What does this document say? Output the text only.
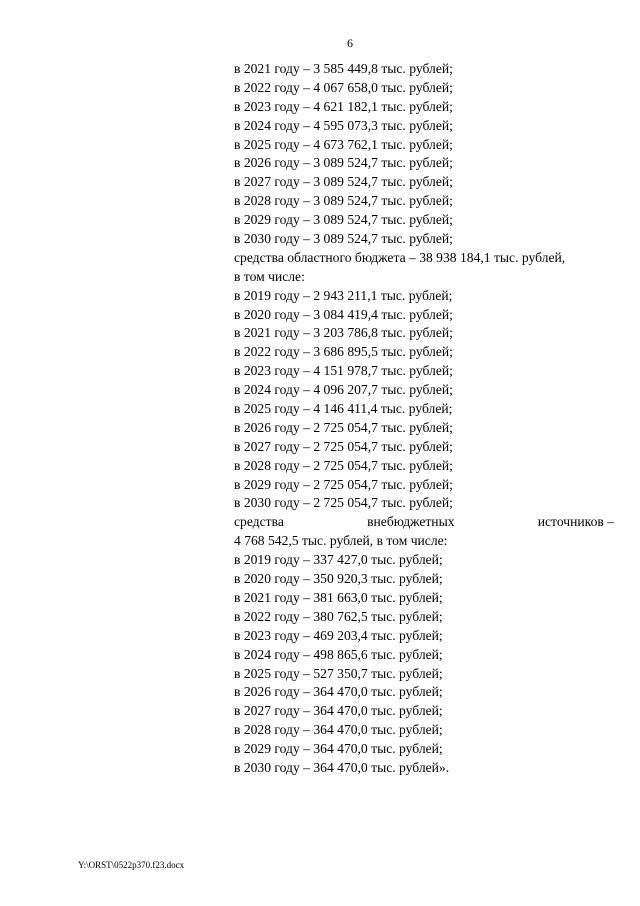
6
в 2021 году – 3 585 449,8 тыс. рублей;
в 2022 году – 4 067 658,0 тыс. рублей;
в 2023 году – 4 621 182,1 тыс. рублей;
в 2024 году – 4 595 073,3 тыс. рублей;
в 2025 году – 4 673 762,1 тыс. рублей;
в 2026 году – 3 089 524,7 тыс. рублей;
в 2027 году – 3 089 524,7 тыс. рублей;
в 2028 году – 3 089 524,7 тыс. рублей;
в 2029 году – 3 089 524,7 тыс. рублей;
в 2030 году – 3 089 524,7 тыс. рублей;
средства областного бюджета – 38 938 184,1 тыс. рублей,
в том числе:
в 2019 году – 2 943 211,1 тыс. рублей;
в 2020 году – 3 084 419,4 тыс. рублей;
в 2021 году – 3 203 786,8 тыс. рублей;
в 2022 году – 3 686 895,5 тыс. рублей;
в 2023 году – 4 151 978,7 тыс. рублей;
в 2024 году – 4 096 207,7 тыс. рублей;
в 2025 году – 4 146 411,4 тыс. рублей;
в 2026 году – 2 725 054,7 тыс. рублей;
в 2027 году – 2 725 054,7 тыс. рублей;
в 2028 году – 2 725 054,7 тыс. рублей;
в 2029 году – 2 725 054,7 тыс. рублей;
в 2030 году – 2 725 054,7 тыс. рублей;
средства	внебюджетных	источников –
4 768 542,5 тыс. рублей, в том числе:
в 2019 году – 337 427,0 тыс. рублей;
в 2020 году – 350 920,3 тыс. рублей;
в 2021 году – 381 663,0 тыс. рублей;
в 2022 году – 380 762,5 тыс. рублей;
в 2023 году – 469 203,4 тыс. рублей;
в 2024 году – 498 865,6 тыс. рублей;
в 2025 году – 527 350,7 тыс. рублей;
в 2026 году – 364 470,0 тыс. рублей;
в 2027 году – 364 470,0 тыс. рублей;
в 2028 году – 364 470,0 тыс. рублей;
в 2029 году – 364 470,0 тыс. рублей;
в 2030 году – 364 470,0 тыс. рублей».
Y:\ORST\0522p370.f23.docx
